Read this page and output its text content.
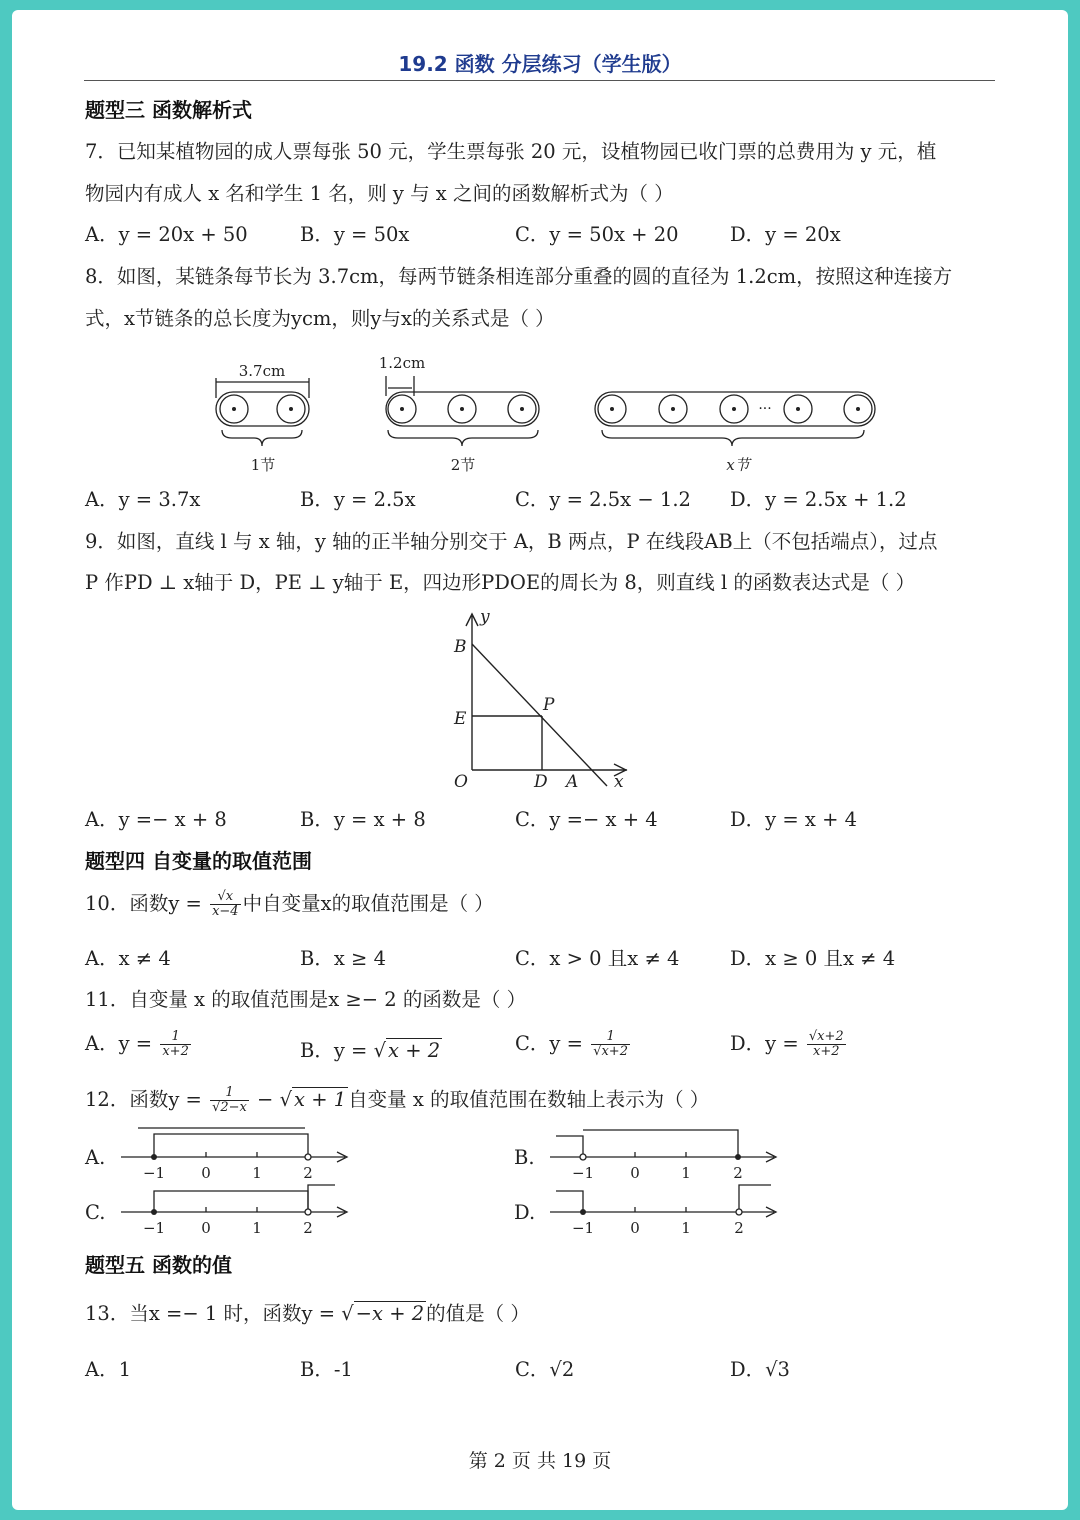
19.2 函数 分层练习（学生版）
题型三 函数解析式
7．已知某植物园的成人票每张 50 元，学生票每张 20 元，设植物园已收门票的总费用为 y 元，植
物园内有成人 x 名和学生 1 名，则 y 与 x 之间的函数解析式为（ ）
A．y = 20x + 50	B．y = 50x	C．y = 50x + 20	D．y = 20x
8．如图，某链条每节长为 3.7cm，每两节链条相连部分重叠的圆的直径为 1.2cm，按照这种连接方
式，x节链条的总长度为ycm，则y与x的关系式是（ ）
3.7cm
1节
1.2cm
2节
···
x节
A．y = 3.7x	B．y = 2.5x	C．y = 2.5x − 1.2 D．y = 2.5x + 1.2
9．如图，直线 l 与 x 轴，y 轴的正半轴分别交于 A，B 两点，P 在线段AB上（不包括端点），过点
P 作PD ⊥ x轴于 D，PE ⊥ y轴于 E，四边形PDOE的周长为 8，则直线 l 的函数表达式是（ ）
y
B
E
P
O	D A x
A．y =− x + 8	B．y = x + 8	C．y =− x + 4	D．y = x + 4
题型四 自变量的取值范围
10．函数$y = \frac{√x}{x-4}$ 中自变量x的取值范围是（ ）
A．x ≠ 4	B．x ≥ 4	C．x > 0 且x ≠ 4	D．x ≥ 0 且x ≠ 4
11．自变量 x 的取值范围是x ≥− 2 的函数是（ ）
A．$y = \frac{1}{x+2}$	B．y = √ x + 2	C．$y = \frac{1}{√x+2}$	D．$y = \frac{√x+2}{x+2}$
12．函数$y = \frac{1}{√2-x}$ − √ x + 1 自变量 x 的取值范围在数轴上表示为（ ）
A.	B.
C.	D.
−1 0	1	2	−1 0	1	2
−1 0	1	2	−1 0	1	2
题型五 函数的值
13．当x =− 1 时，函数y = √ −x + 2 的值是（ ）
A．1	B．-1	C．√2	D．√3
第 2 页 共 19 页
